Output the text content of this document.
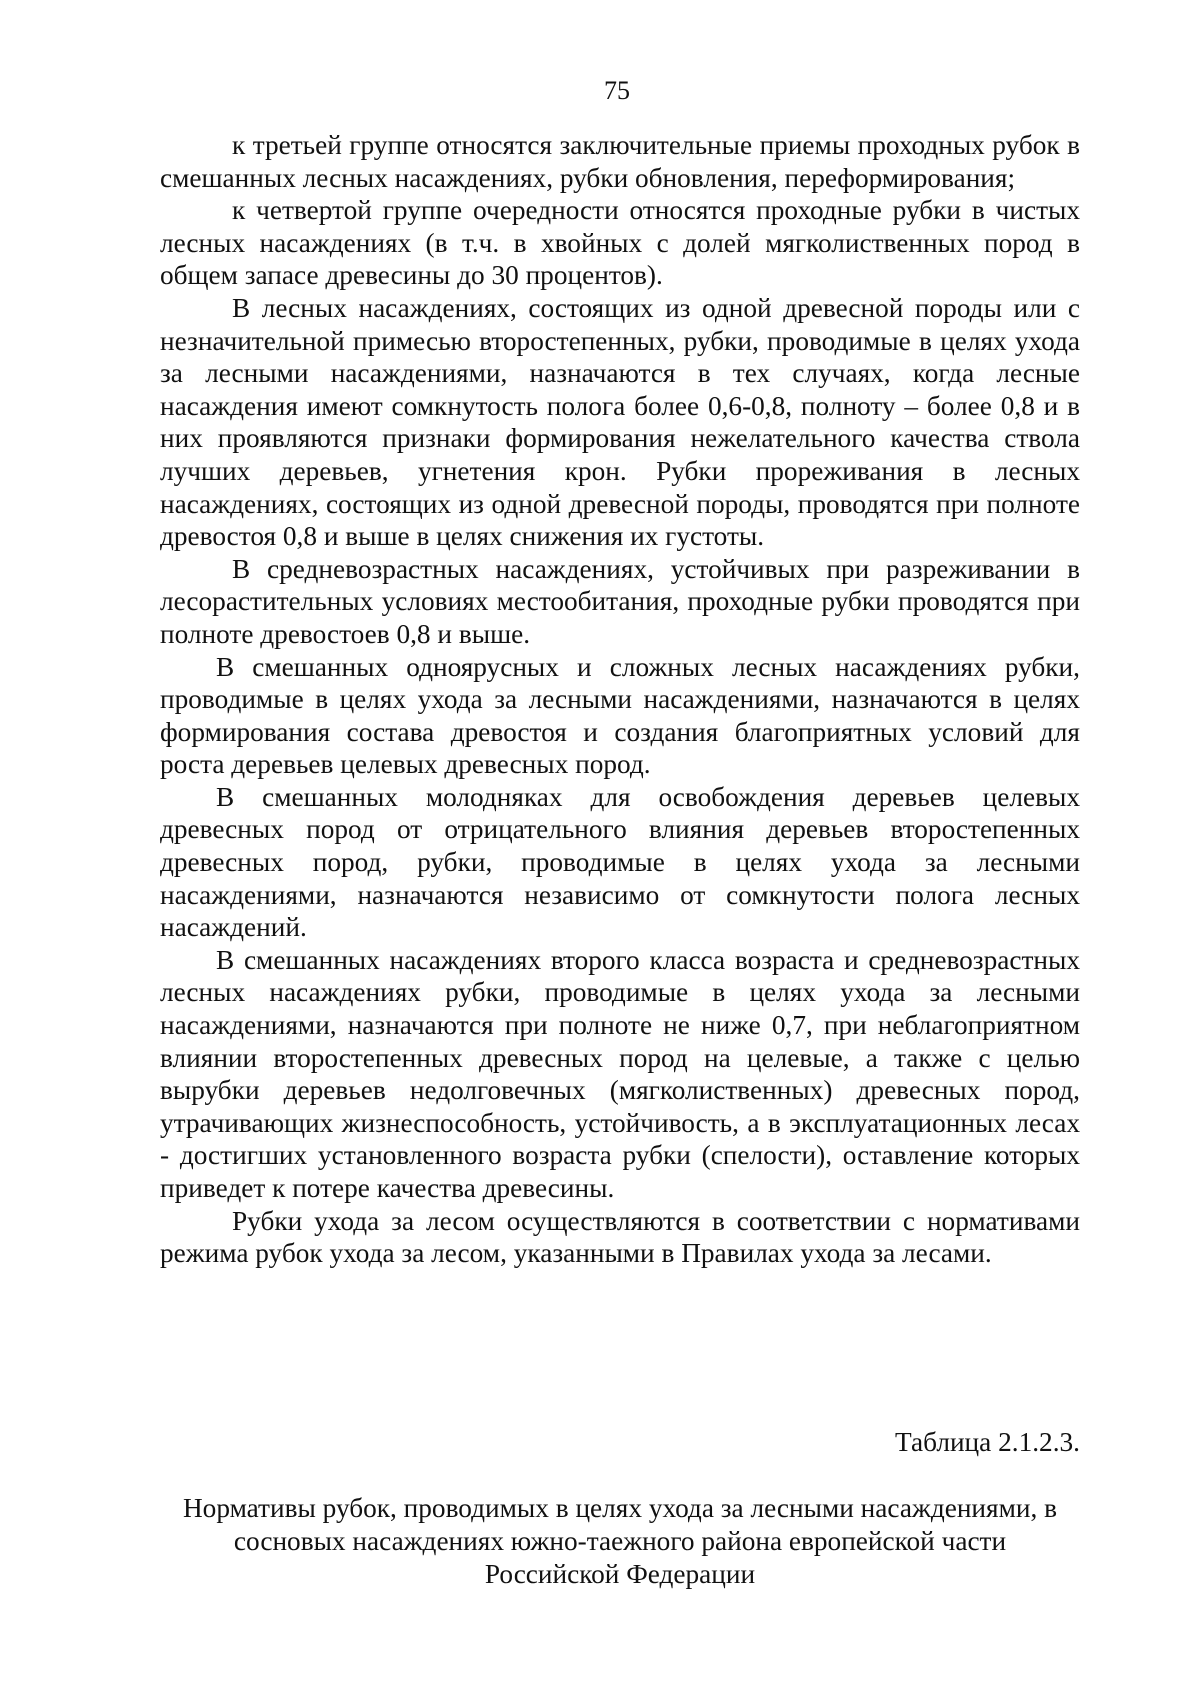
75

к третьей группе относятся заключительные приемы проходных рубок в смешанных лесных насаждениях, рубки обновления, переформирования;

к четвертой группе очередности относятся проходные рубки в чистых лесных насаждениях (в т.ч. в хвойных с долей мягколиственных пород в общем запасе древесины до 30 процентов).

В лесных насаждениях, состоящих из одной древесной породы или с незначительной примесью второстепенных, рубки, проводимые в целях ухода за лесными насаждениями, назначаются в тех случаях, когда лесные насаждения имеют сомкнутость полога более 0,6-0,8, полноту – более 0,8 и в них проявляются признаки формирования нежелательного качества ствола лучших деревьев, угнетения крон. Рубки прореживания в лесных насаждениях, состоящих из одной древесной породы, проводятся при полноте древостоя 0,8 и выше в целях снижения их густоты.

В средневозрастных насаждениях, устойчивых при разреживании в лесорастительных условиях местообитания, проходные рубки проводятся при полноте древостоев 0,8 и выше.

В смешанных одноярусных и сложных лесных насаждениях рубки, проводимые в целях ухода за лесными насаждениями, назначаются в целях формирования состава древостоя и создания благоприятных условий для роста деревьев целевых древесных пород.

В смешанных молодняках для освобождения деревьев целевых древесных пород от отрицательного влияния деревьев второстепенных древесных пород, рубки, проводимые в целях ухода за лесными насаждениями, назначаются независимо от сомкнутости полога лесных насаждений.

В смешанных насаждениях второго класса возраста и средневозрастных лесных насаждениях рубки, проводимые в целях ухода за лесными насаждениями, назначаются при полноте не ниже 0,7, при неблагоприятном влиянии второстепенных древесных пород на целевые, а также с целью вырубки деревьев недолговечных (мягколиственных) древесных пород, утрачивающих жизнеспособность, устойчивость, а в эксплуатационных лесах - достигших установленного возраста рубки (спелости), оставление которых приведет к потере качества древесины.

Рубки ухода за лесом осуществляются в соответствии с нормативами режима рубок ухода за лесом, указанными в Правилах ухода за лесами.

Таблица 2.1.2.3.
Нормативы рубок, проводимых в целях ухода за лесными насаждениями, в
сосновых насаждениях южно-таежного района европейской части
Российской Федерации
